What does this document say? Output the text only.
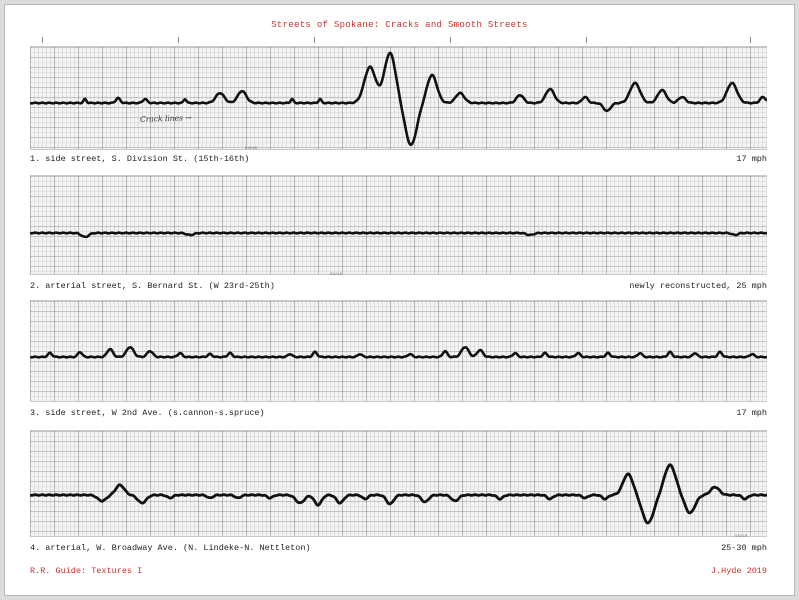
Streets of Spokane: Cracks and Smooth Streets
Crack lines →
9421B
1. side street, S. Division St. (15th-16th)	17 mph
9421B
2. arterial street, S. Bernard St. (W 23rd-25th)	newly reconstructed, 25 mph
3. side street, W 2nd Ave. (s.cannon-s.spruce)	17 mph
9421B
4. arterial, W. Broadway Ave. (N. Lindeke-N. Nettleton)	25-30 mph
R.R. Guide: Textures I	J.Hyde 2019
